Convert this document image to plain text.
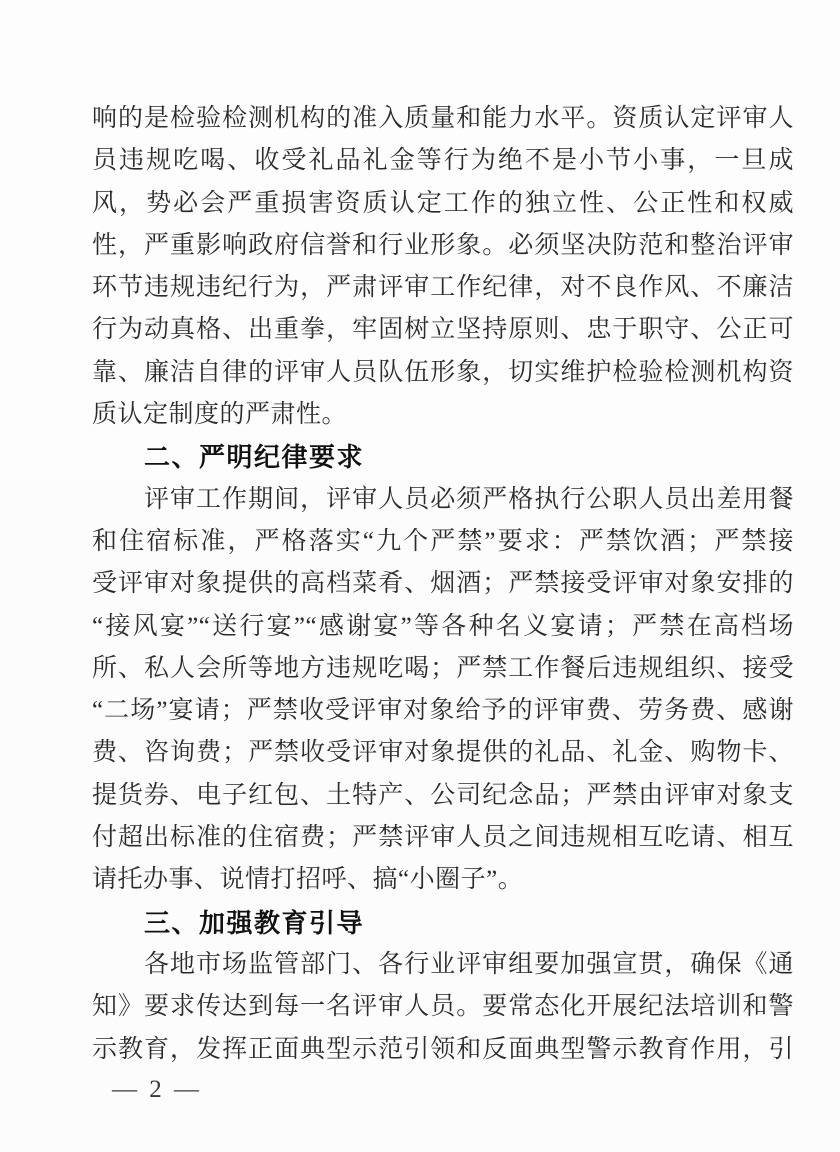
响的是检验检测机构的准入质量和能力水平。资质认定评审人
员违规吃喝、收受礼品礼金等行为绝不是小节小事，一旦成
风，势必会严重损害资质认定工作的独立性、公正性和权威
性，严重影响政府信誉和行业形象。必须坚决防范和整治评审
环节违规违纪行为，严肃评审工作纪律，对不良作风、不廉洁
行为动真格、出重拳，牢固树立坚持原则、忠于职守、公正可
靠、廉洁自律的评审人员队伍形象，切实维护检验检测机构资
质认定制度的严肃性。
二、严明纪律要求
评审工作期间，评审人员必须严格执行公职人员出差用餐
和住宿标准，严格落实“九个严禁”要求：严禁饮酒；严禁接
受评审对象提供的高档菜肴、烟酒；严禁接受评审对象安排的
“接风宴”“送行宴”“感谢宴”等各种名义宴请；严禁在高档场
所、私人会所等地方违规吃喝；严禁工作餐后违规组织、接受
“二场”宴请；严禁收受评审对象给予的评审费、劳务费、感谢
费、咨询费；严禁收受评审对象提供的礼品、礼金、购物卡、
提货券、电子红包、土特产、公司纪念品；严禁由评审对象支
付超出标准的住宿费；严禁评审人员之间违规相互吃请、相互
请托办事、说情打招呼、搞“小圈子”。
三、加强教育引导
各地市场监管部门、各行业评审组要加强宣贯，确保《通
知》要求传达到每一名评审人员。要常态化开展纪法培训和警
示教育，发挥正面典型示范引领和反面典型警示教育作用，引
— 2 —
